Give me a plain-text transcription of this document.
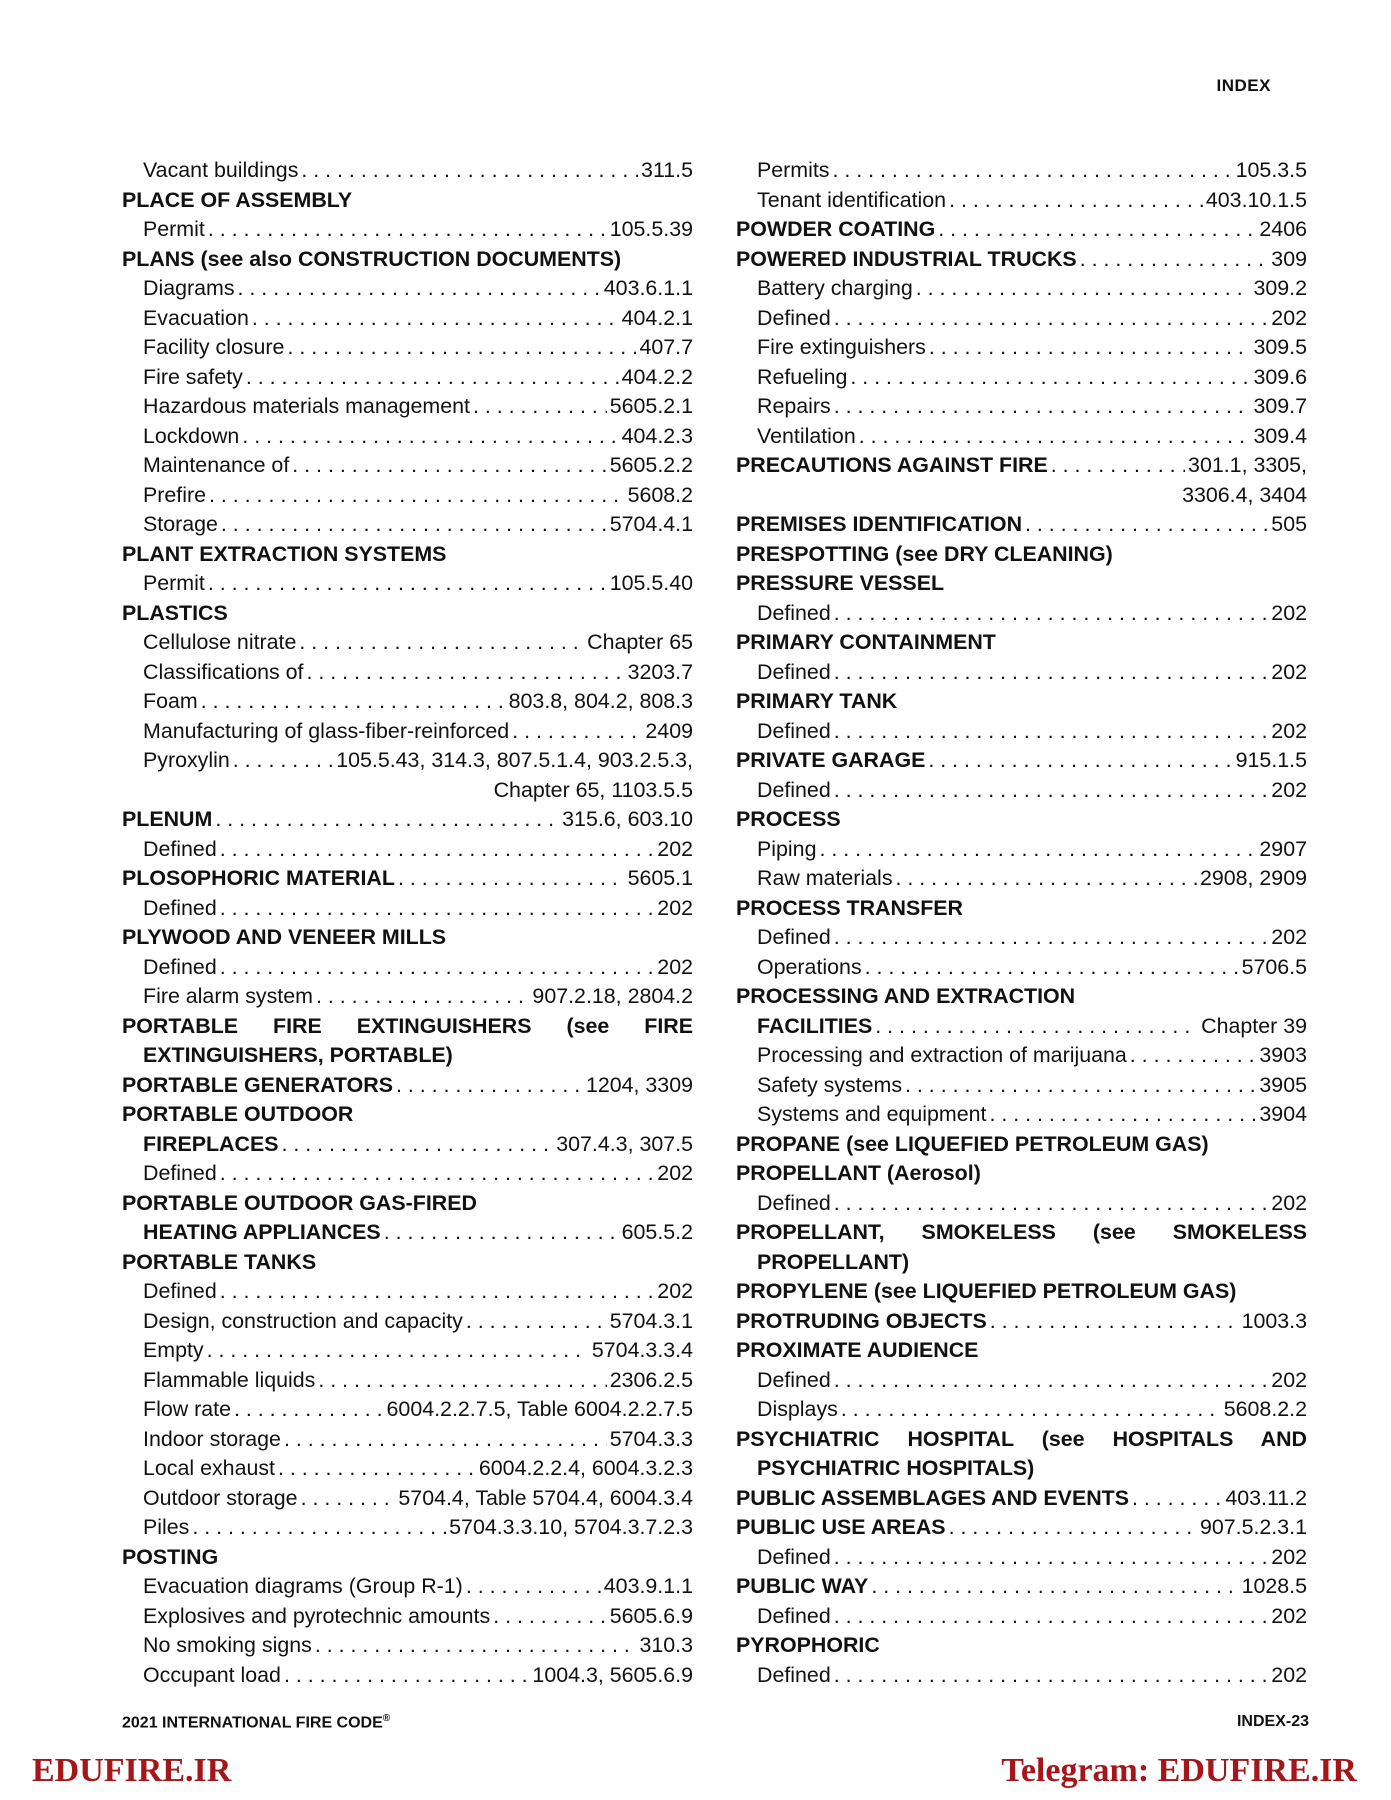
INDEX
Vacant buildings . . .	311.5
PLACE OF ASSEMBLY
Permit . . .	105.5.39
PLANS (see also CONSTRUCTION DOCUMENTS)
Diagrams . . .	403.6.1.1
Evacuation . . .	404.2.1
Facility closure . . .	407.7
Fire safety . . .	404.2.2
Hazardous materials management . . .	5605.2.1
Lockdown . . .	404.2.3
Maintenance of . . .	5605.2.2
Prefire . . .	5608.2
Storage . . .	5704.4.1
PLANT EXTRACTION SYSTEMS
Permit . . .	105.5.40
PLASTICS
Cellulose nitrate . . .	Chapter 65
Classifications of . . .	3203.7
Foam . . .	803.8, 804.2, 808.3
Manufacturing of glass-fiber-reinforced . . .	2409
Pyroxylin . . .	105.5.43, 314.3, 807.5.1.4, 903.2.5.3,
Chapter 65, 1103.5.5
PLENUM . . .	315.6, 603.10
Defined . . .	202
PLOSOPHORIC MATERIAL . . .	5605.1
Defined . . .	202
PLYWOOD AND VENEER MILLS
Defined . . .	202
Fire alarm system . . .	907.2.18, 2804.2
PORTABLE FIRE EXTINGUISHERS (see FIRE
EXTINGUISHERS, PORTABLE)
PORTABLE GENERATORS . . .	1204, 3309
PORTABLE OUTDOOR
FIREPLACES . . .	307.4.3, 307.5
Defined . . .	202
PORTABLE OUTDOOR GAS-FIRED
HEATING APPLIANCES . . .	605.5.2
PORTABLE TANKS
Defined . . .	202
Design, construction and capacity . . .	5704.3.1
Empty . . .	5704.3.3.4
Flammable liquids . . .	2306.2.5
Flow rate . . .	6004.2.2.7.5, Table 6004.2.2.7.5
Indoor storage . . .	5704.3.3
Local exhaust . . .	6004.2.2.4, 6004.3.2.3
Outdoor storage . . .	5704.4, Table 5704.4, 6004.3.4
Piles . . .	5704.3.3.10, 5704.3.7.2.3
POSTING
Evacuation diagrams (Group R-1) . . .	403.9.1.1
Explosives and pyrotechnic amounts . . .	5605.6.9
No smoking signs . . .	310.3
Occupant load . . .	1004.3, 5605.6.9
Permits . . .	105.3.5
Tenant identification . . .	403.10.1.5
POWDER COATING . . .	2406
POWERED INDUSTRIAL TRUCKS . . .	309
Battery charging . . .	309.2
Defined . . .	202
Fire extinguishers . . .	309.5
Refueling . . .	309.6
Repairs . . .	309.7
Ventilation . . .	309.4
PRECAUTIONS AGAINST FIRE . . .	301.1, 3305,
3306.4, 3404
PREMISES IDENTIFICATION . . .	505
PRESPOTTING (see DRY CLEANING)
PRESSURE VESSEL
Defined . . .	202
PRIMARY CONTAINMENT
Defined . . .	202
PRIMARY TANK
Defined . . .	202
PRIVATE GARAGE . . .	915.1.5
Defined . . .	202
PROCESS
Piping . . .	2907
Raw materials . . .	2908, 2909
PROCESS TRANSFER
Defined . . .	202
Operations . . .	5706.5
PROCESSING AND EXTRACTION
FACILITIES . . .	Chapter 39
Processing and extraction of marijuana . . .	3903
Safety systems . . .	3905
Systems and equipment . . .	3904
PROPANE (see LIQUEFIED PETROLEUM GAS)
PROPELLANT (Aerosol)
Defined . . .	202
PROPELLANT, SMOKELESS (see SMOKELESS
PROPELLANT)
PROPYLENE (see LIQUEFIED PETROLEUM GAS)
PROTRUDING OBJECTS . . .	1003.3
PROXIMATE AUDIENCE
Defined . . .	202
Displays . . .	5608.2.2
PSYCHIATRIC HOSPITAL (see HOSPITALS AND
PSYCHIATRIC HOSPITALS)
PUBLIC ASSEMBLAGES AND EVENTS . . .	403.11.2
PUBLIC USE AREAS . . .	907.5.2.3.1
Defined . . .	202
PUBLIC WAY . . .	1028.5
Defined . . .	202
PYROPHORIC
Defined . . .	202
2021 INTERNATIONAL FIRE CODE®	INDEX-23
EDUFIRE.IR	Telegram: EDUFIRE.IR
